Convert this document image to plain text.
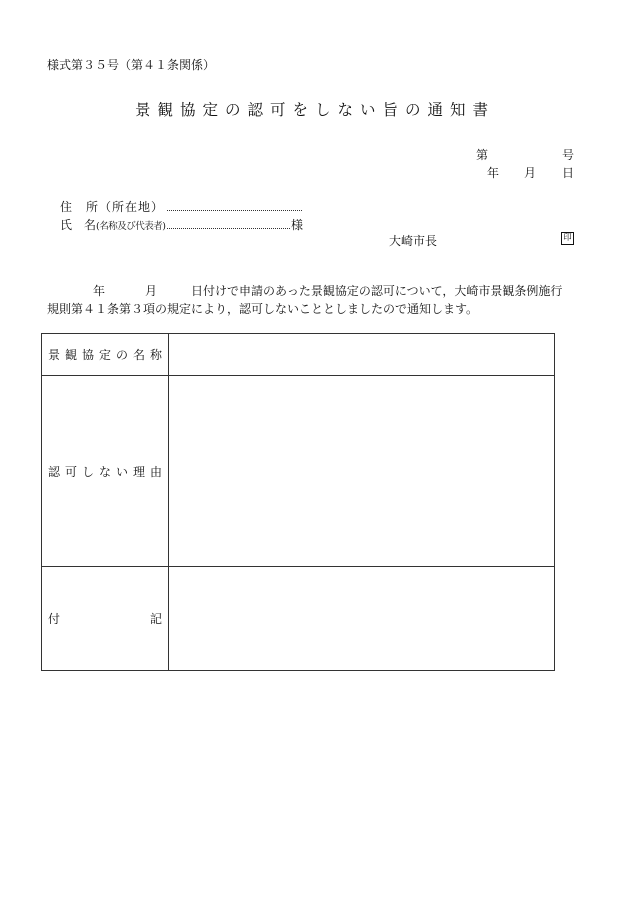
様式第３５号（第４１条関係）
景観協定の認可をしない旨の通知書
第	号
年 月 日
住　所（所在地）
氏　名(名称及び代表者)	様
大崎市長	印
年	月	日付けで申請のあった景観協定の認可について，大崎市景観条例施行
規則第４１条第３項の規定により，認可しないこととしましたので通知します。
景観協定の名称	
認可しない理由	

付 記	
